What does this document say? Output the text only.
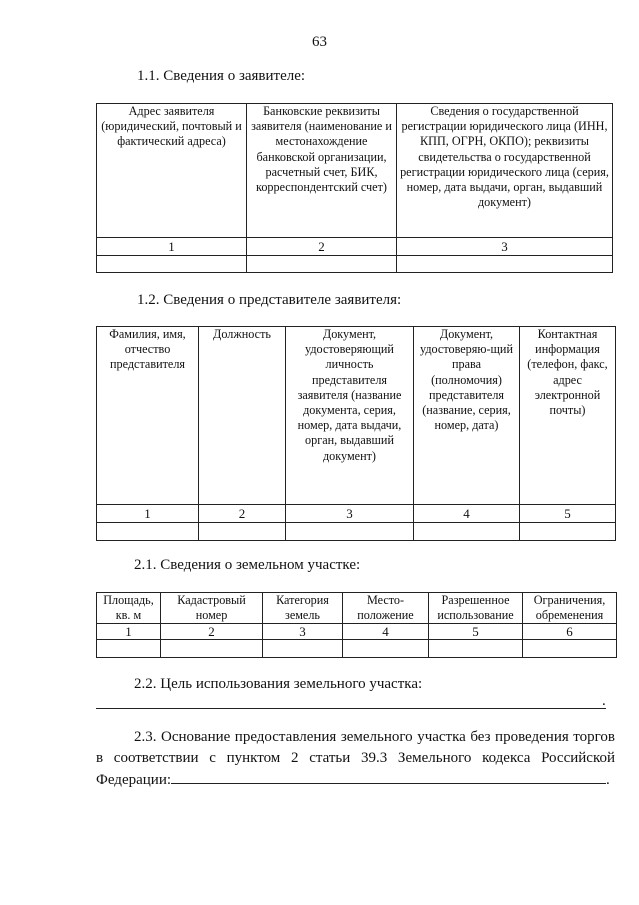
63
1.1. Сведения о заявителе:
Адрес заявителя (юридический, почтовый и фактический адреса)	Банковские реквизиты заявителя (наименование и местонахождение банковской организации, расчетный счет, БИК, корреспондентский счет)	Сведения о государственной регистрации юридического лица (ИНН, КПП, ОГРН, ОКПО); реквизиты свидетельства о государственной регистрации юридического лица (серия, номер, дата выдачи, орган, выдавший документ)
1	2	3

1.2. Сведения о представителе заявителя:
Фамилия, имя, отчество представителя	Должность	Документ, удостоверяющий личность представителя заявителя (название документа, серия, номер, дата выдачи, орган, выдавший документ)	Документ, удостоверяю-щий права (полномочия) представителя (название, серия, номер, дата)	Контактная информация (телефон, факс, адрес электронной почты)
1	2	3	4	5

2.1. Сведения о земельном участке:
Площадь, кв. м	Кадастровый номер	Категория земель	Место-положение	Разрешенное использование	Ограничения, обременения
1	2	3	4	5	6

2.2. Цель использования земельного участка:
.
2.3. Основание предоставления земельного участка без проведения торгов
в соответствии с пунктом 2 статьи 39.3 Земельного кодекса Российской
Федерации:	.
